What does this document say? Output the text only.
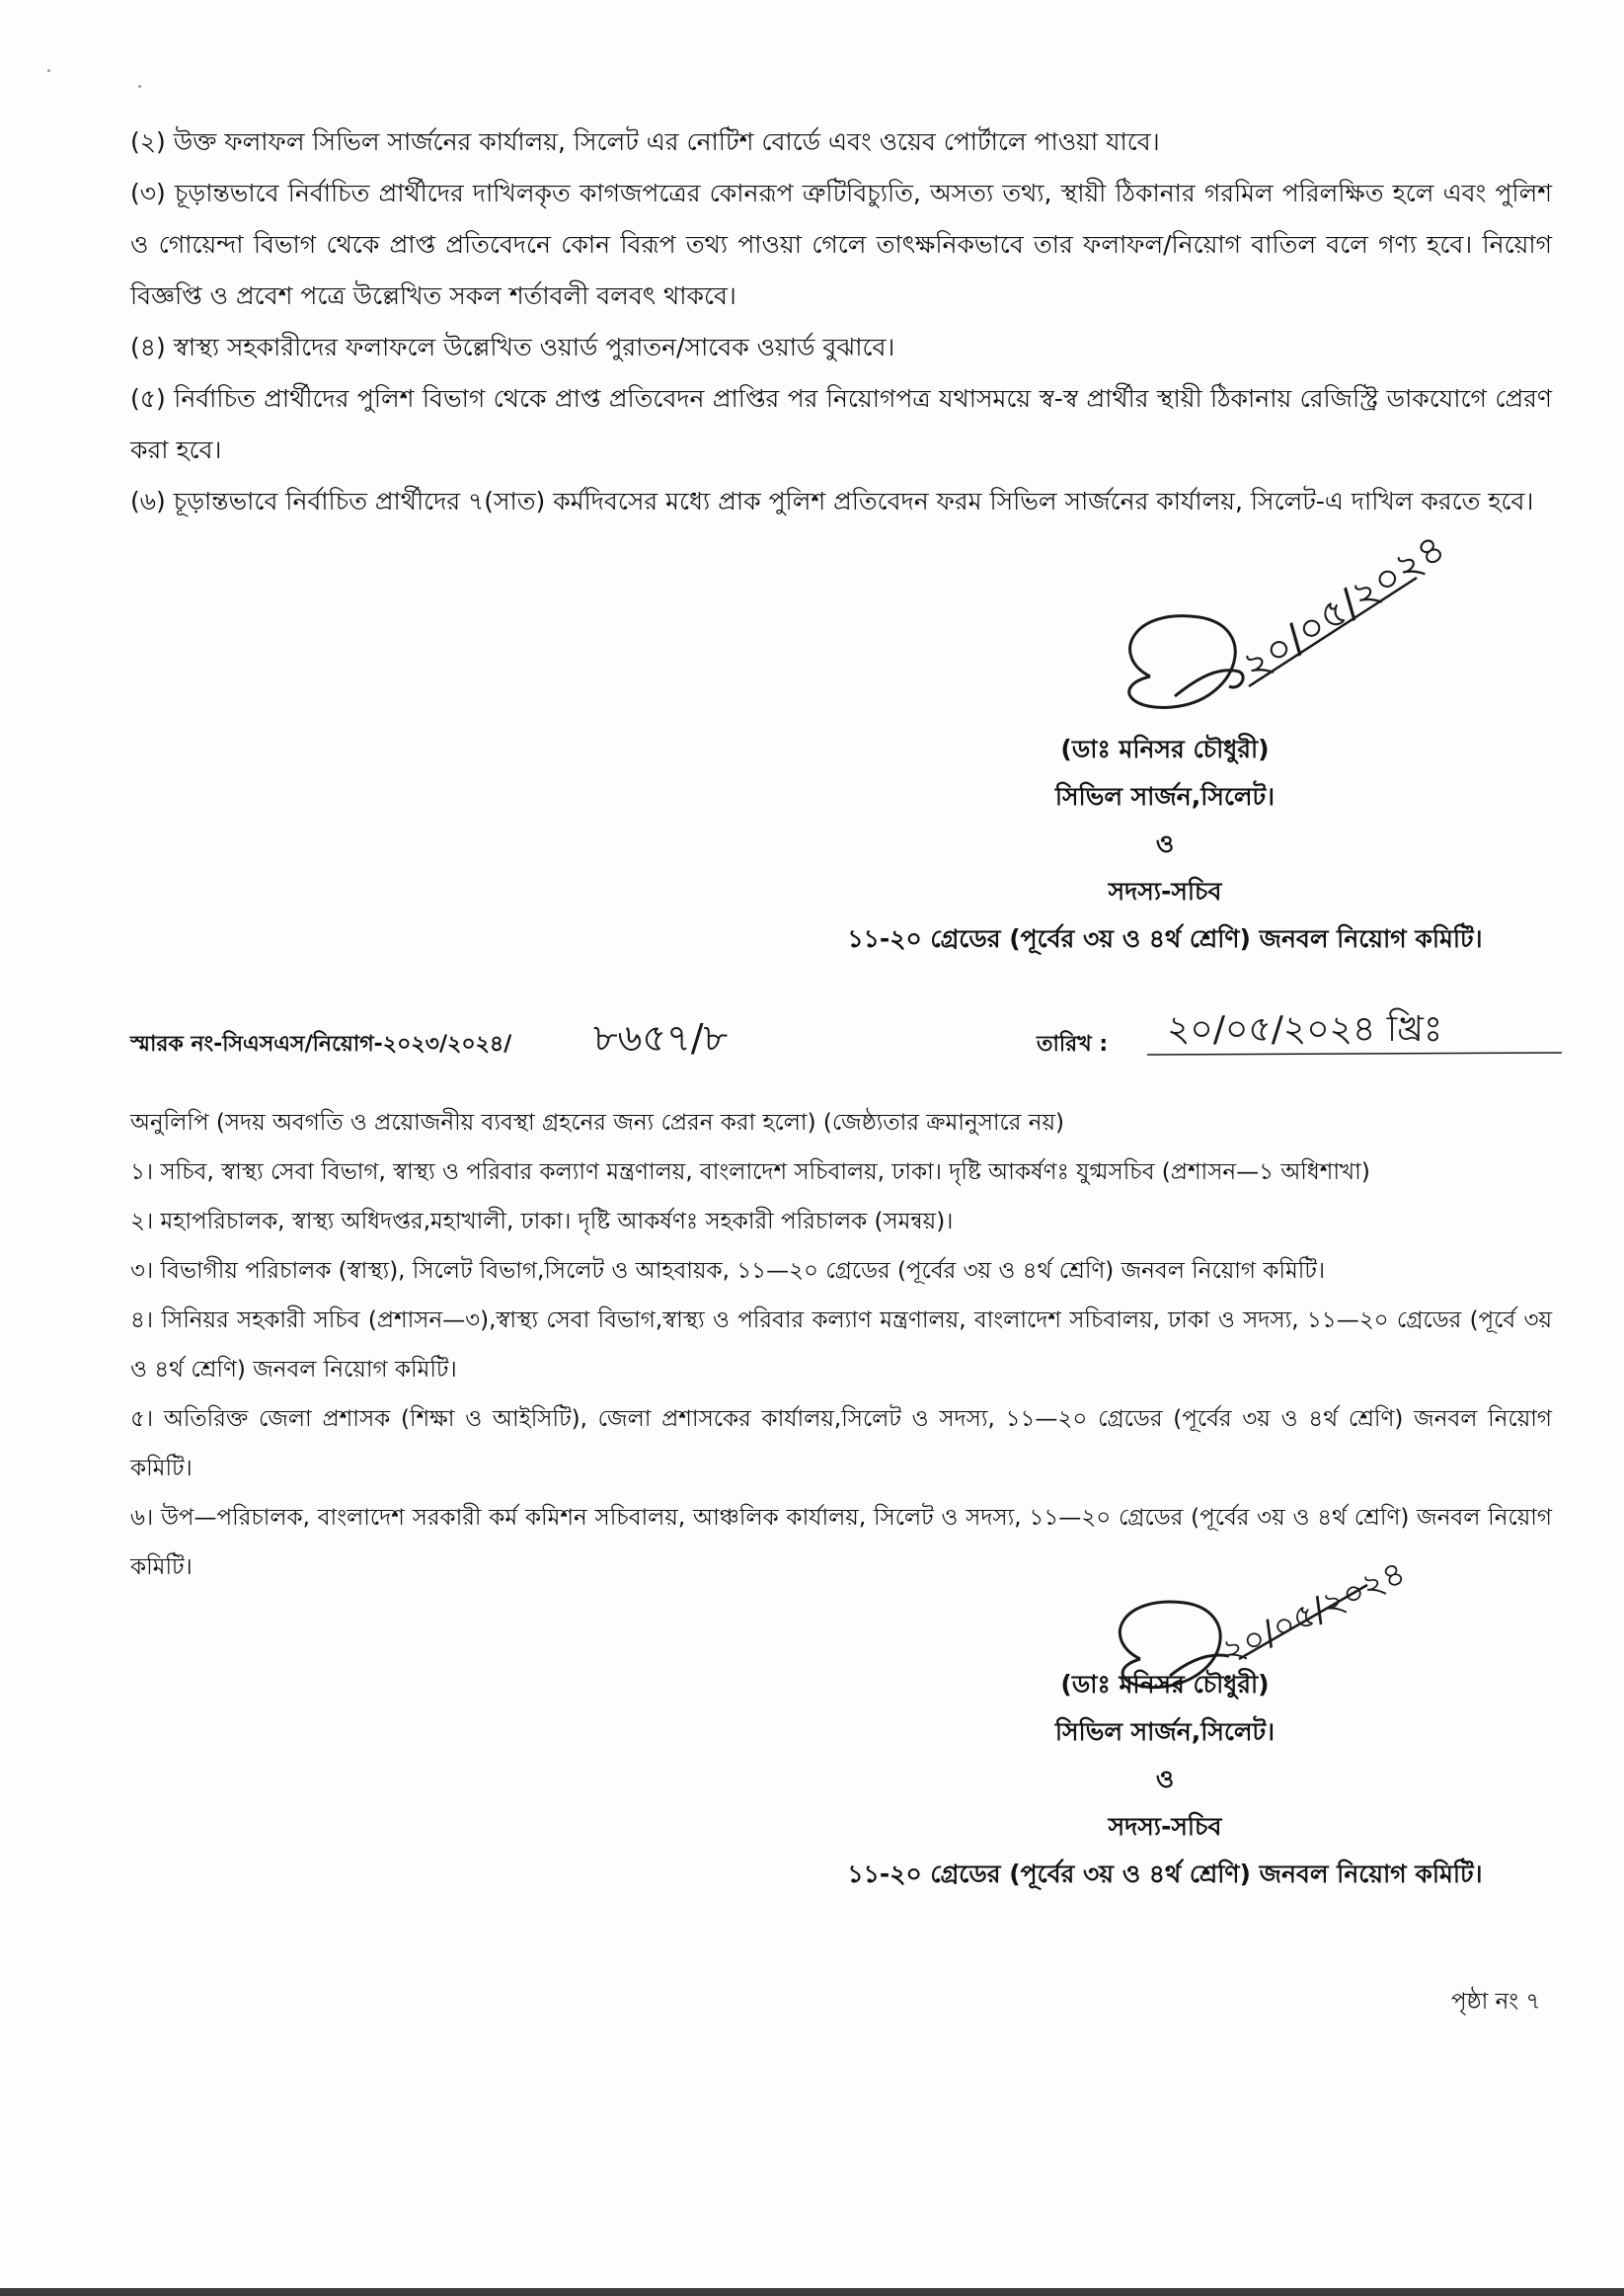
(২) উক্ত ফলাফল সিভিল সার্জনের কার্যালয়, সিলেট এর নোটিশ বোর্ডে এবং ওয়েব পোর্টালে পাওয়া যাবে।

(৩) চূড়ান্তভাবে নির্বাচিত প্রার্থীদের দাখিলকৃত কাগজপত্রের কোনরূপ ত্রুটিবিচ্যুতি, অসত্য তথ্য, স্থায়ী ঠিকানার গরমিল পরিলক্ষিত হলে এবং পুলিশ ও গোয়েন্দা বিভাগ থেকে প্রাপ্ত প্রতিবেদনে কোন বিরূপ তথ্য পাওয়া গেলে তাৎক্ষনিকভাবে তার ফলাফল/নিয়োগ বাতিল বলে গণ্য হবে। নিয়োগ বিজ্ঞপ্তি ও প্রবেশ পত্রে উল্লেখিত সকল শর্তাবলী বলবৎ থাকবে।

(৪) স্বাস্থ্য সহকারীদের ফলাফলে উল্লেখিত ওয়ার্ড পুরাতন/সাবেক ওয়ার্ড বুঝাবে।

(৫) নির্বাচিত প্রার্থীদের পুলিশ বিভাগ থেকে প্রাপ্ত প্রতিবেদন প্রাপ্তির পর নিয়োগপত্র যথাসময়ে স্ব-স্ব প্রার্থীর স্থায়ী ঠিকানায় রেজিস্ট্রি ডাকযোগে প্রেরণ করা হবে।

(৬) চূড়ান্তভাবে নির্বাচিত প্রার্থীদের ৭(সাত) কর্মদিবসের মধ্যে প্রাক পুলিশ প্রতিবেদন ফরম সিভিল সার্জনের কার্যালয়, সিলেট-এ দাখিল করতে হবে।

২০/০৫/২০২৪
(ডাঃ মনিসর চৌধুরী)
সিভিল সার্জন,সিলেট।
ও
সদস্য-সচিব
১১-২০ গ্রেডের (পূর্বের ৩য় ও ৪র্থ শ্রেণি) জনবল নিয়োগ কমিটি।
স্মারক নং-সিএসএস/নিয়োগ-২০২৩/২০২৪/ ৮৬৫৭/৮	তারিখ : ২০/০৫/২০২৪ খ্রিঃ

অনুলিপি (সদয় অবগতি ও প্রয়োজনীয় ব্যবস্থা গ্রহনের জন্য প্রেরন করা হলো) (জেষ্ঠ্যতার ক্রমানুসারে নয়)

১। সচিব, স্বাস্থ্য সেবা বিভাগ, স্বাস্থ্য ও পরিবার কল্যাণ মন্ত্রণালয়, বাংলাদেশ সচিবালয়, ঢাকা। দৃষ্টি আকর্ষণঃ যুগ্মসচিব (প্রশাসন—১ অধিশাখা)

২। মহাপরিচালক, স্বাস্থ্য অধিদপ্তর,মহাখালী, ঢাকা। দৃষ্টি আকর্ষণঃ সহকারী পরিচালক (সমন্বয়)।

৩। বিভাগীয় পরিচালক (স্বাস্থ্য), সিলেট বিভাগ,সিলেট ও আহবায়ক, ১১—২০ গ্রেডের (পূর্বের ৩য় ও ৪র্থ শ্রেণি) জনবল নিয়োগ কমিটি।

৪। সিনিয়র সহকারী সচিব (প্রশাসন—৩),স্বাস্থ্য সেবা বিভাগ,স্বাস্থ্য ও পরিবার কল্যাণ মন্ত্রণালয়, বাংলাদেশ সচিবালয়, ঢাকা ও সদস্য, ১১—২০ গ্রেডের (পূর্বে ৩য় ও ৪র্থ শ্রেণি) জনবল নিয়োগ কমিটি।

৫। অতিরিক্ত জেলা প্রশাসক (শিক্ষা ও আইসিটি), জেলা প্রশাসকের কার্যালয়,সিলেট ও সদস্য, ১১—২০ গ্রেডের (পূর্বের ৩য় ও ৪র্থ শ্রেণি) জনবল নিয়োগ কমিটি।

৬। উপ—পরিচালক, বাংলাদেশ সরকারী কর্ম কমিশন সচিবালয়, আঞ্চলিক কার্যালয়, সিলেট ও সদস্য, ১১—২০ গ্রেডের (পূর্বের ৩য় ও ৪র্থ শ্রেণি) জনবল নিয়োগ কমিটি।	২০/০৫/২০২৪
(ডাঃ মনিসর চৌধুরী)
সিভিল সার্জন,সিলেট।
ও
সদস্য-সচিব
১১-২০ গ্রেডের (পূর্বের ৩য় ও ৪র্থ শ্রেণি) জনবল নিয়োগ কমিটি।
পৃষ্ঠা নং ৭
